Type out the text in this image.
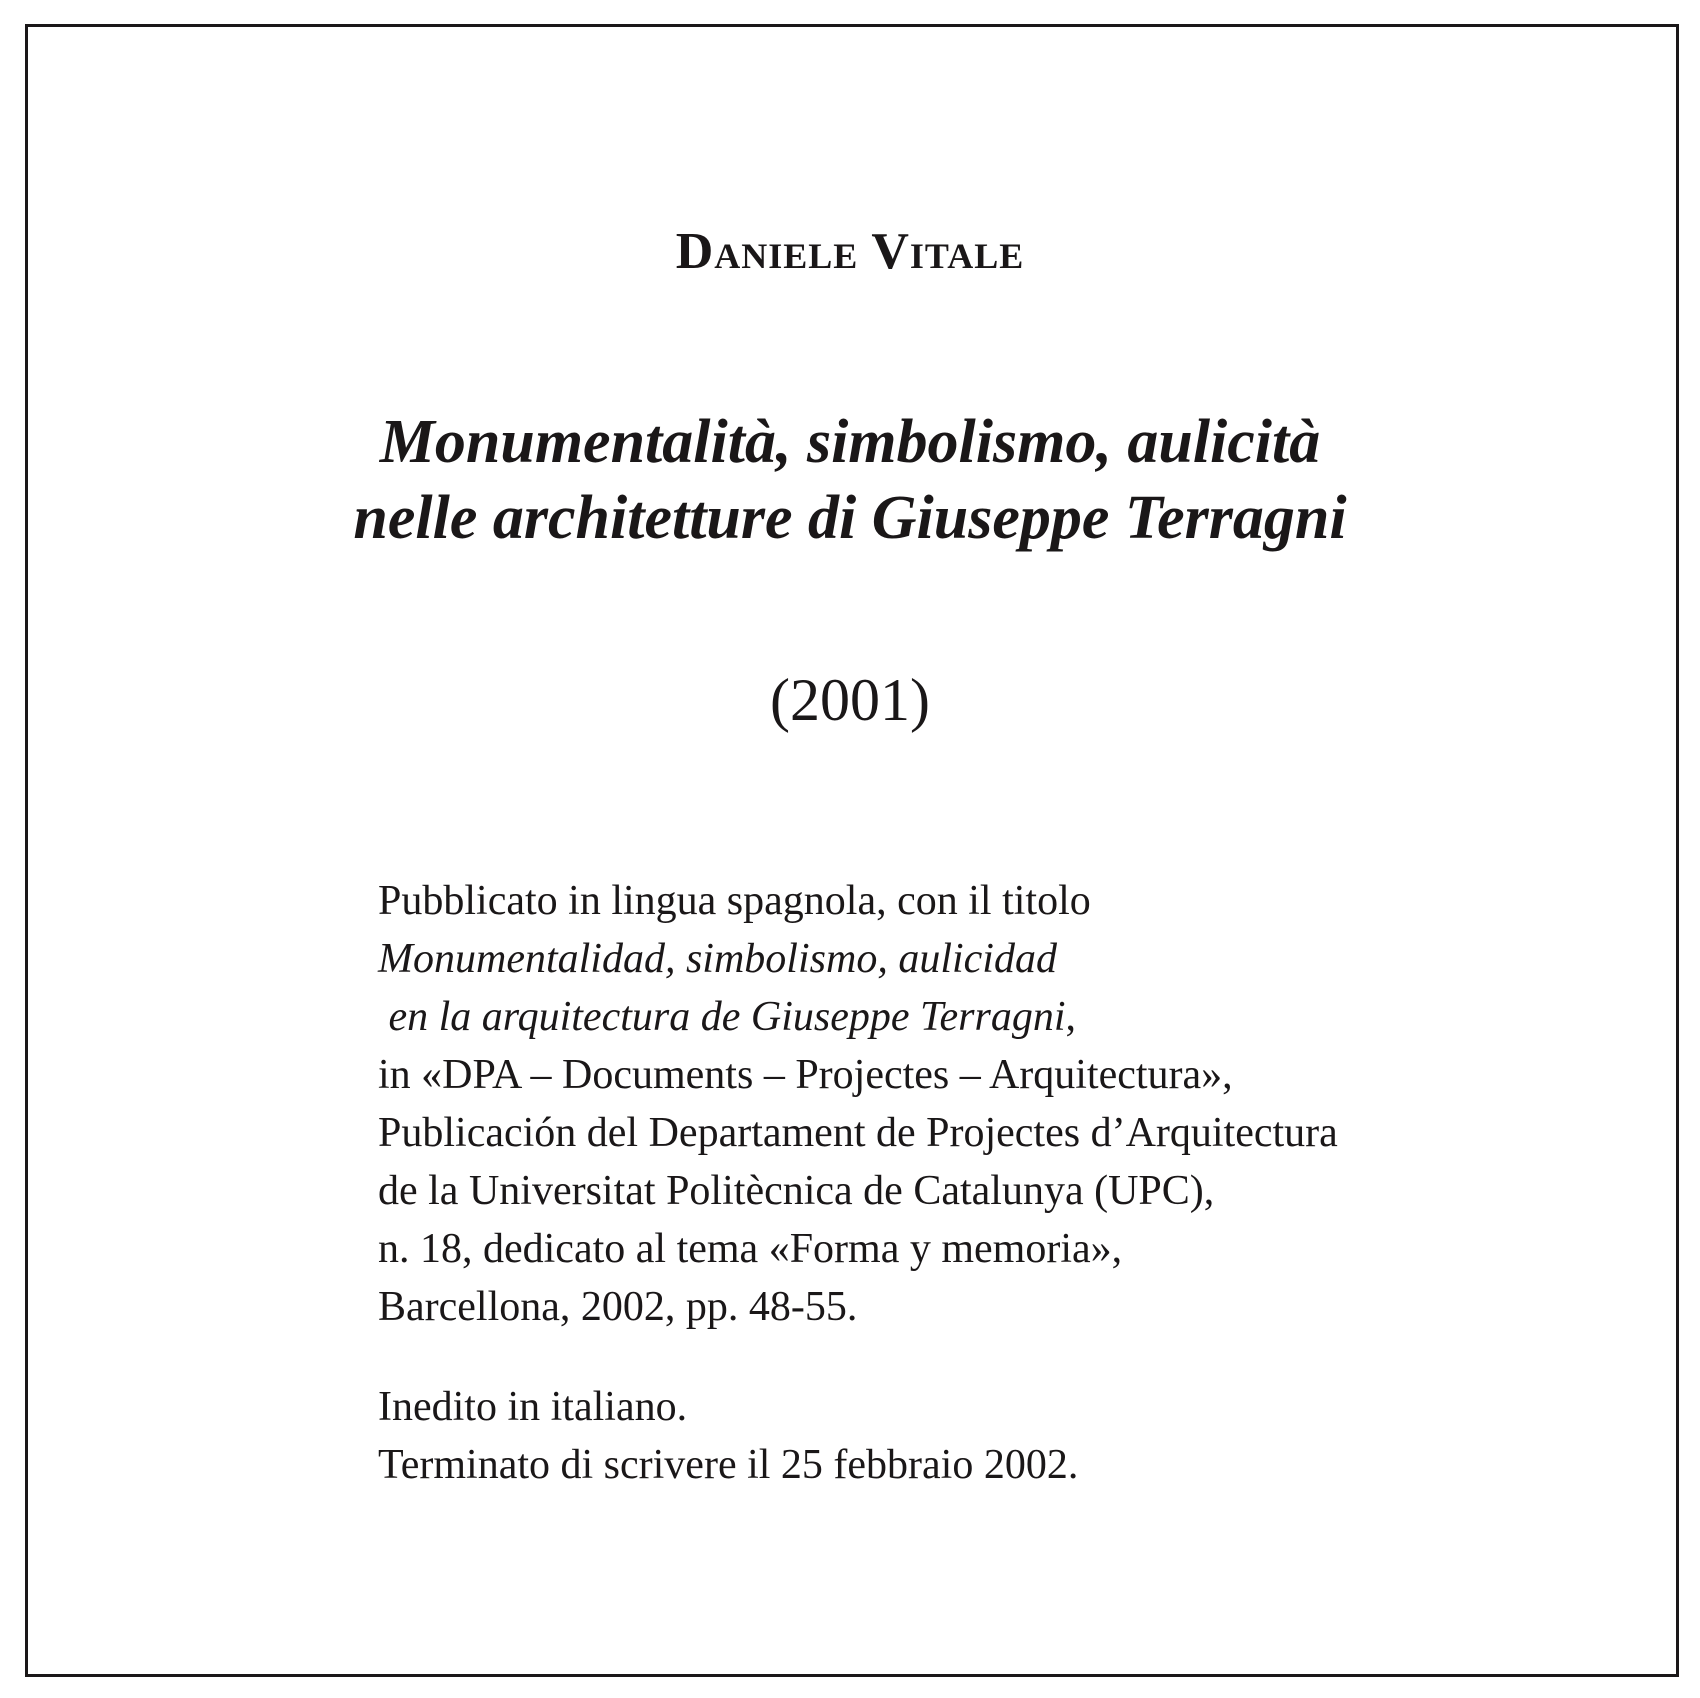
Daniele Vitale
Monumentalità, simbolismo, aulicità
nelle architetture di Giuseppe Terragni
(2001)
Pubblicato in lingua spagnola, con il titolo
Monumentalidad, simbolismo, aulicidad
en la arquitectura de Giuseppe Terragni,
in «DPA – Documents – Projectes – Arquitectura»,
Publicación del Departament de Projectes d’Arquitectura
de la Universitat Politècnica de Catalunya (UPC),
n. 18, dedicato al tema «Forma y memoria»,
Barcellona, 2002, pp. 48-55.
Inedito in italiano.
Terminato di scrivere il 25 febbraio 2002.
